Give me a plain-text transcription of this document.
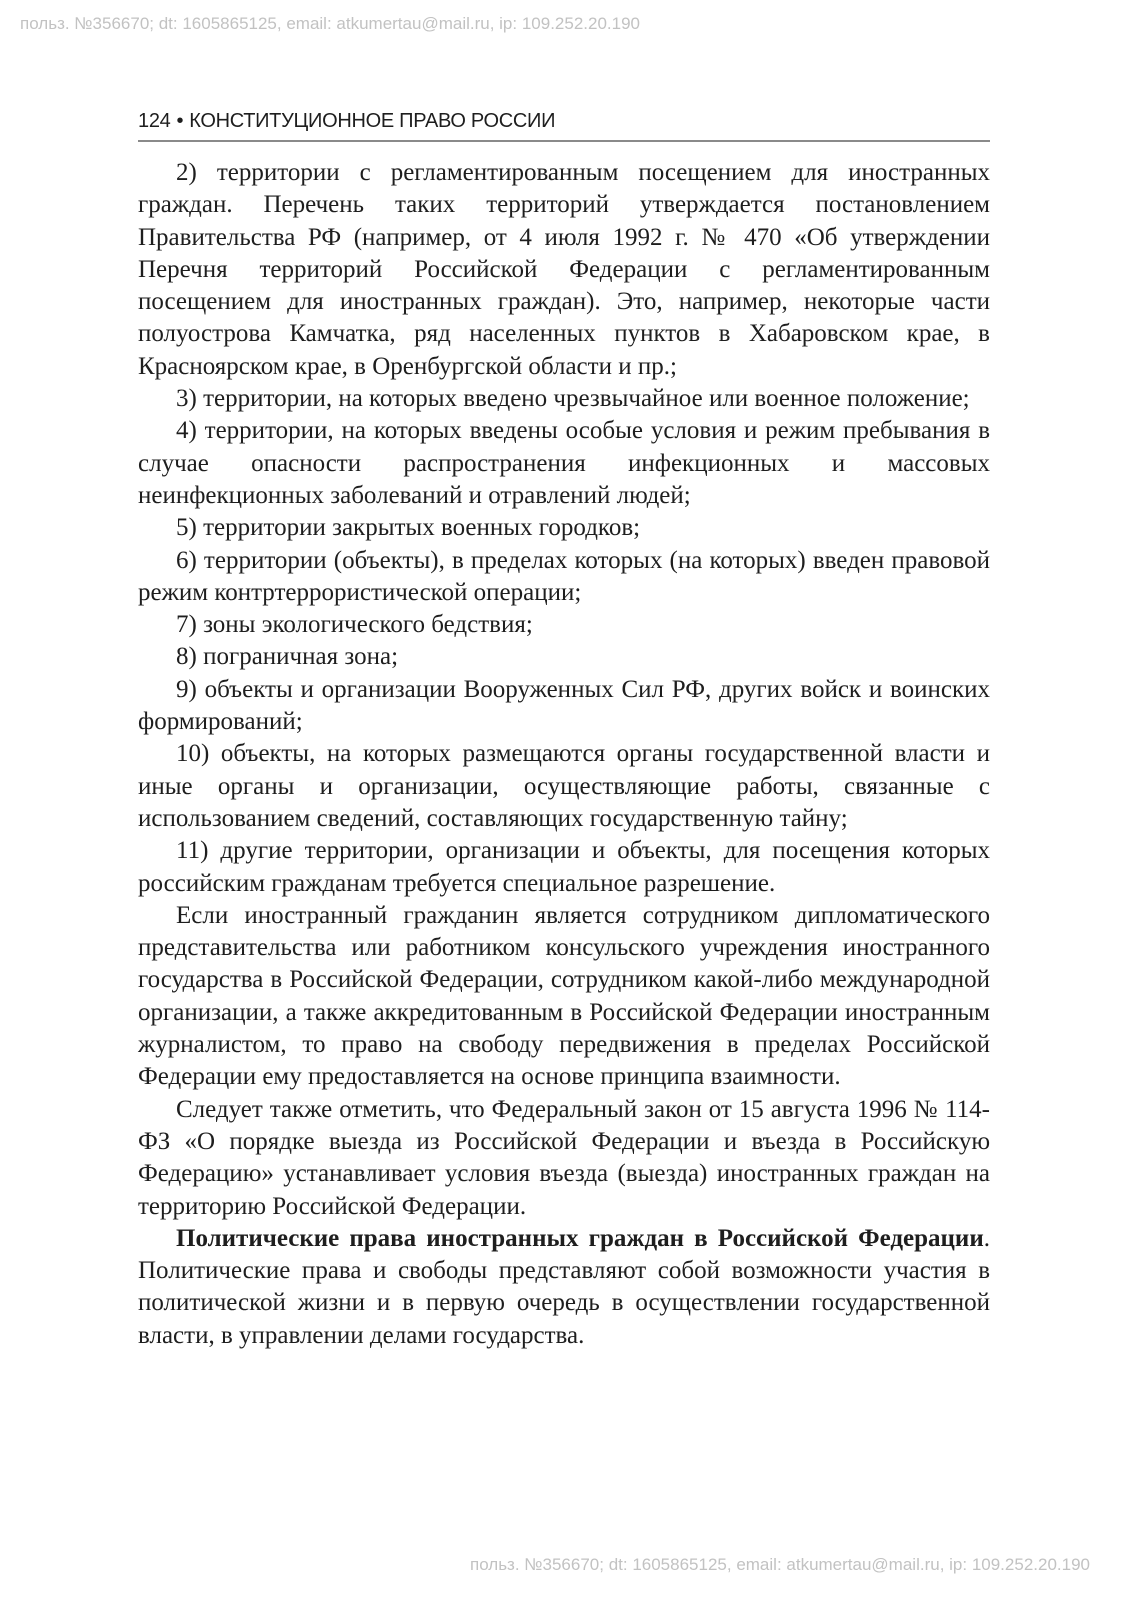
польз. №356670; dt: 1605865125, email: atkumertau@mail.ru, ip: 109.252.20.190

124 • КОНСТИТУЦИОННОЕ ПРАВО РОССИИ

2) территории с регламентированным посещением для иностранных граждан. Перечень таких территорий утверждается постановлением Правительства РФ (например, от 4 июля 1992 г. № 470 «Об утверждении Перечня территорий Российской Федерации с регламентированным посещением для иностранных граждан). Это, например, некоторые части полуострова Камчатка, ряд населенных пунктов в Хабаровском крае, в Красноярском крае, в Оренбургской области и пр.;

3) территории, на которых введено чрезвычайное или военное положение;

4) территории, на которых введены особые условия и режим пребывания в случае опасности распространения инфекционных и массовых неинфекционных заболеваний и отравлений людей;

5) территории закрытых военных городков;

6) территории (объекты), в пределах которых (на которых) введен правовой режим контртеррористической операции;

7) зоны экологического бедствия;

8) пограничная зона;

9) объекты и организации Вооруженных Сил РФ, других войск и воинских формирований;

10) объекты, на которых размещаются органы государственной власти и иные органы и организации, осуществляющие работы, связанные с использованием сведений, составляющих государственную тайну;

11) другие территории, организации и объекты, для посещения которых российским гражданам требуется специальное разрешение.

Если иностранный гражданин является сотрудником дипломатического представительства или работником консульского учреждения иностранного государства в Российской Федерации, сотрудником какой-либо международной организации, а также аккредитованным в Российской Федерации иностранным журналистом, то право на свободу передвижения в пределах Российской Федерации ему предоставляется на основе принципа взаимности.

Следует также отметить, что Федеральный закон от 15 августа 1996 № 114-ФЗ «О порядке выезда из Российской Федерации и въезда в Российскую Федерацию» устанавливает условия въезда (выезда) иностранных граждан на территорию Российской Федерации.

Политические права иностранных граждан в Российской Федерации. Политические права и свободы представляют собой возможности участия в политической жизни и в первую очередь в осуществлении государственной власти, в управлении делами государства.

польз. №356670; dt: 1605865125, email: atkumertau@mail.ru, ip: 109.252.20.190
